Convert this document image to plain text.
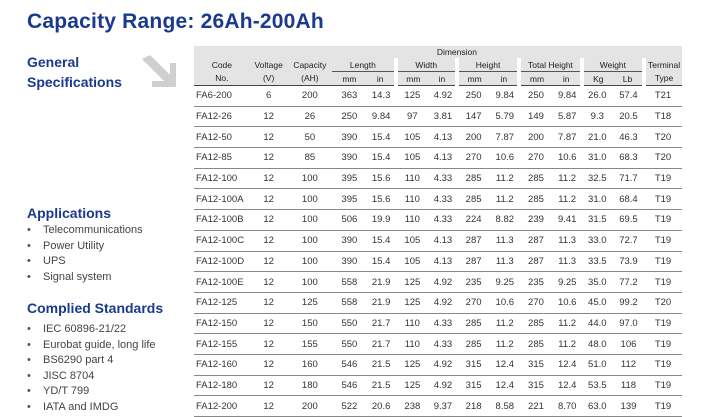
Capacity Range: 26Ah-200Ah
General
Specifications
Applications
• Telecommunications
• Power Utility
• UPS
• Signal system
Complied Standards
• IEC 60896-21/22
• Eurobat guide, long life
• BS6290 part 4
• JISC 8704
• YD/T 799
• IATA and IMDG
			Dimension										
Code	Voltage	Capacity	Length		Width		Height		Total Height		Weight		Terminal
No.	(V)	(AH)	mm	in	mm	in	mm	in	mm	in	Kg	Lb	Type
FA6-200	6	200	363	14.3	125	4.92	250	9.84	250	9.84	26.0	57.4	T21
FA12-26	12	26	250	9.84	97	3.81	147	5.79	149	5.87	9.3	20.5	T18
FA12-50	12	50	390	15.4	105	4.13	200	7.87	200	7.87	21.0	46.3	T20
FA12-85	12	85	390	15.4	105	4.13	270	10.6	270	10.6	31.0	68.3	T20
FA12-100	12	100	395	15.6	110	4.33	285	11.2	285	11.2	32.5	71.7	T19
FA12-100A	12	100	395	15.6	110	4.33	285	11.2	285	11.2	31.0	68.4	T19
FA12-100B	12	100	506	19.9	110	4.33	224	8.82	239	9.41	31.5	69.5	T19
FA12-100C	12	100	390	15.4	105	4.13	287	11.3	287	11.3	33.0	72.7	T19
FA12-100D	12	100	390	15.4	105	4.13	287	11.3	287	11.3	33.5	73.9	T19
FA12-100E	12	100	558	21.9	125	4.92	235	9.25	235	9.25	35.0	77.2	T19
FA12-125	12	125	558	21.9	125	4.92	270	10.6	270	10.6	45.0	99.2	T20
FA12-150	12	150	550	21.7	110	4.33	285	11.2	285	11.2	44.0	97.0	T19
FA12-155	12	155	550	21.7	110	4.33	285	11.2	285	11.2	48.0	106	T19
FA12-160	12	160	546	21.5	125	4.92	315	12.4	315	12.4	51.0	112	T19
FA12-180	12	180	546	21.5	125	4.92	315	12.4	315	12.4	53.5	118	T19
FA12-200	12	200	522	20.6	238	9.37	218	8.58	221	8.70	63.0	139	T19
